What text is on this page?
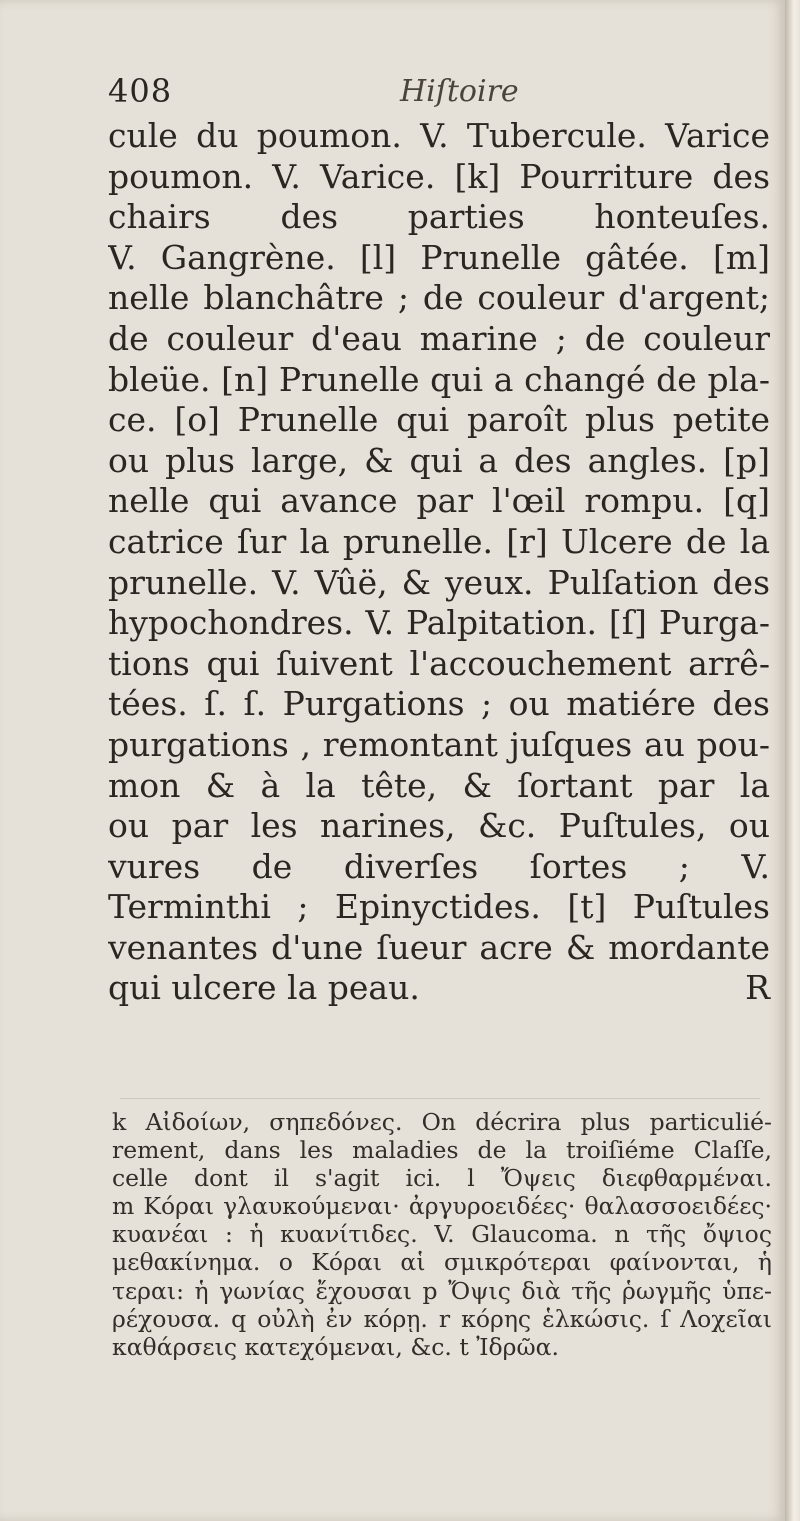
408	Hiſtoire
cule du poumon. V. Tubercule. Varice
poumon. V. Varice. [k] Pourriture des
chairs des parties honteuſes.
V. Gangrène. [l] Prunelle gâtée. [m]
nelle blanchâtre ; de couleur d'argent;
de couleur d'eau marine ; de couleur
bleüe. [n] Prunelle qui a changé de pla-
ce. [o] Prunelle qui paroît plus petite
ou plus large, & qui a des angles. [p]
nelle qui avance par l'œil rompu. [q]
catrice ſur la prunelle. [r] Ulcere de la
prunelle. V. Vûë, & yeux. Pulſation des
hypochondres. V. Palpitation. [ſ] Purga-
tions qui ſuivent l'accouchement arrê-
tées. ſ. ſ. Purgations ; ou matiére des
purgations , remontant juſques au pou-
mon & à la tête, & ſortant par la
ou par les narines, &c. Puſtules, ou
vures de diverſes ſortes ; V.
Terminthi ; Epinyctides. [t] Puſtules
venantes d'une ſueur acre & mordante
qui ulcere la peau.	R
k Αἰδοίων, σηπεδόνες. On décrira plus particulié-
rement, dans les maladies de la troiſiéme Claſſe,
celle dont il s'agit ici. l Ὄψεις διεφθαρμέναι.
m Κόραι γλαυκούμεναι· ἀργυροειδέες· θαλασσοειδέες·
κυανέαι : ἡ κυανίτιδες. V. Glaucoma. n τῆς ὄψιος
μεθακίνημα. o Κόραι αἱ σμικρότεραι φαίνονται, ἡ
τεραι: ἡ γωνίας ἔχουσαι p Ὄψις διὰ τῆς ῥωγμῆς ὑπε-
ρέχουσα. q οὐλὴ ἐν κόρῃ. r κόρης ἑλκώσις. ſ Λοχεῖαι
καθάρσεις κατεχόμεναι, &c. t Ἰδρῶα.
